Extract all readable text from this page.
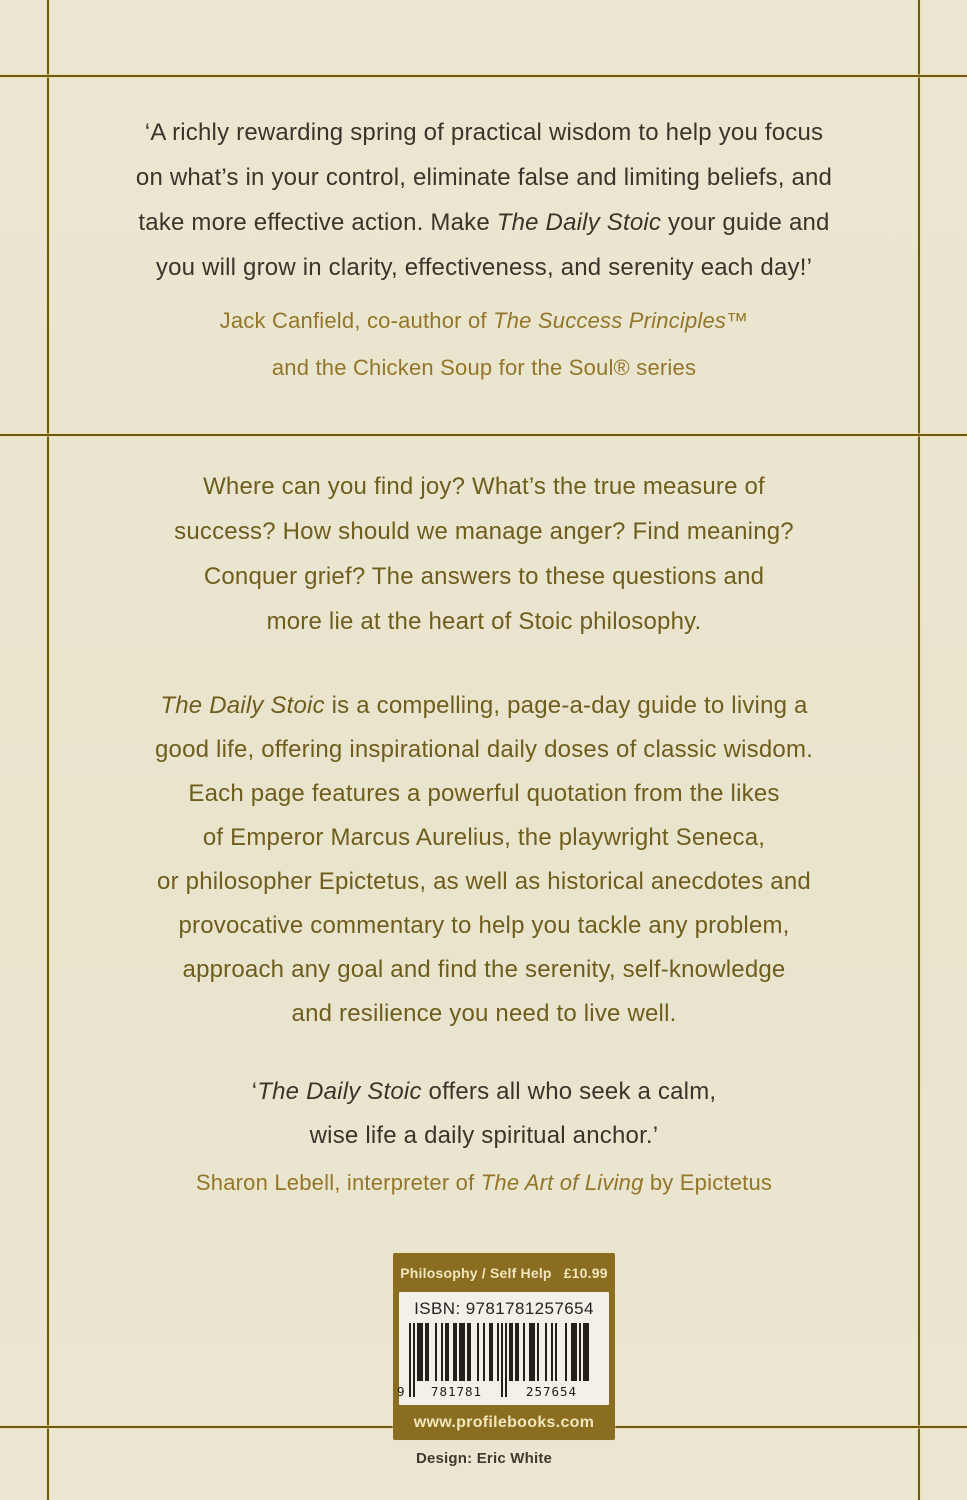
‘A richly rewarding spring of practical wisdom to help you focus
on what’s in your control, eliminate false and limiting beliefs, and
take more effective action. Make The Daily Stoic your guide and
you will grow in clarity, effectiveness, and serenity each day!’
Jack Canfield, co-author of The Success Principles™
and the Chicken Soup for the Soul® series
Where can you find joy? What’s the true measure of
success? How should we manage anger? Find meaning?
Conquer grief? The answers to these questions and
more lie at the heart of Stoic philosophy.
The Daily Stoic is a compelling, page-a-day guide to living a
good life, offering inspirational daily doses of classic wisdom.
Each page features a powerful quotation from the likes
of Emperor Marcus Aurelius, the playwright Seneca,
or philosopher Epictetus, as well as historical anecdotes and
provocative commentary to help you tackle any problem,
approach any goal and find the serenity, self-knowledge
and resilience you need to live well.
‘The Daily Stoic offers all who seek a calm,
wise life a daily spiritual anchor.’
Sharon Lebell, interpreter of The Art of Living by Epictetus
Philosophy / Self Help £10.99
ISBN: 9781781257654
9	781781	257654
www.profilebooks.com
Design: Eric White
